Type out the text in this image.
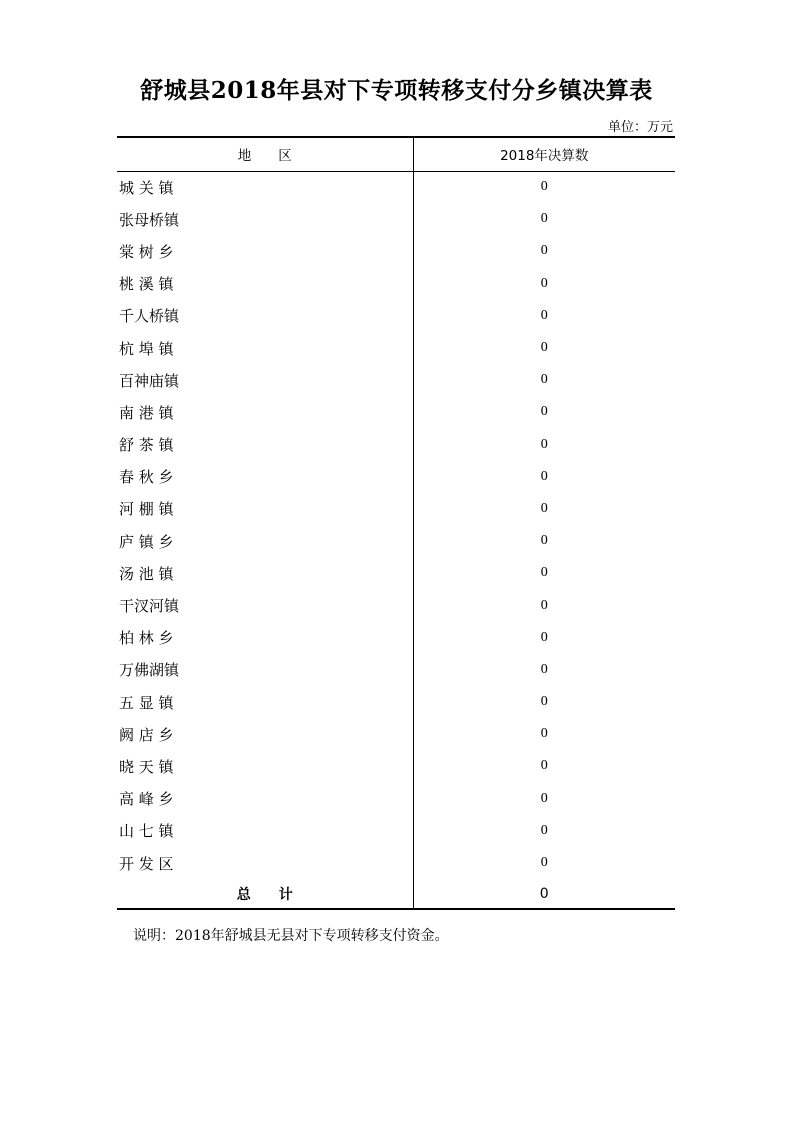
舒城县2018年县对下专项转移支付分乡镇决算表
单位：万元
地　　区	2018年决算数
城 关 镇	0
张母桥镇	0
棠 树 乡	0
桃 溪 镇	0
千人桥镇	0
杭 埠 镇	0
百神庙镇	0
南 港 镇	0
舒 茶 镇	0
春 秋 乡	0
河 棚 镇	0
庐 镇 乡	0
汤 池 镇	0
干汊河镇	0
柏 林 乡	0
万佛湖镇	0
五 显 镇	0
阙 店 乡	0
晓 天 镇	0
高 峰 乡	0
山 七 镇	0
开 发 区	0
总　　计	0
说明：2018年舒城县无县对下专项转移支付资金。
